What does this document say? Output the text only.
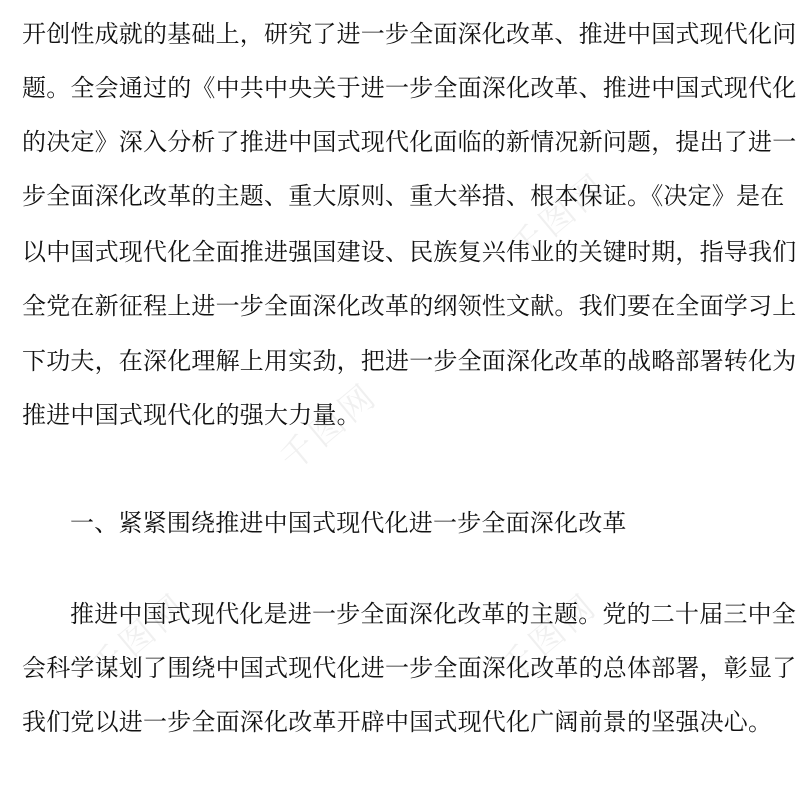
千图网
千图网
千图网	千图网
开创性成就的基础上，研究了进一步全面深化改革、推进中国式现代化问
题。全会通过的《中共中央关于进一步全面深化改革、推进中国式现代化
的决定》深入分析了推进中国式现代化面临的新情况新问题，提出了进一
步全面深化改革的主题、重大原则、重大举措、根本保证。《决定》是在
以中国式现代化全面推进强国建设、民族复兴伟业的关键时期，指导我们
全党在新征程上进一步全面深化改革的纲领性文献。我们要在全面学习上
下功夫，在深化理解上用实劲，把进一步全面深化改革的战略部署转化为
推进中国式现代化的强大力量。
一、紧紧围绕推进中国式现代化进一步全面深化改革
推进中国式现代化是进一步全面深化改革的主题。党的二十届三中全
会科学谋划了围绕中国式现代化进一步全面深化改革的总体部署，彰显了
我们党以进一步全面深化改革开辟中国式现代化广阔前景的坚强决心。
